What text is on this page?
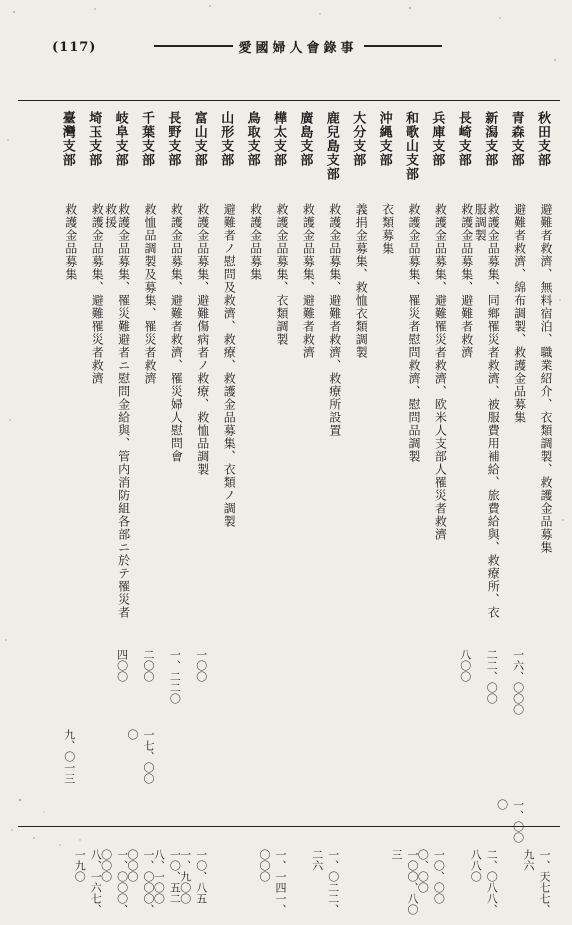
(117)	愛國婦人會錄事
秋田支部
避難者救濟、無料宿泊、職業紹介、衣類調製、救護金品募集
一、天七七、九六
青森支部
避難者救濟、綿布調製、救護金品募集
一六、〇〇〇
一、〇〇〇
新潟支部
救護金品募集、同鄉罹災者救濟、被服費用補給、旅費給與、救療所、衣服調製
二二、〇〇
二、〇八八、八八〇
長崎支部
救護金品募集、避難者救濟
八〇〇
兵庫支部
救護金品募集、避難罹災者救濟、欧米人支部人罹災者救濟
一〇、〇〇〇、〇〇
和歌山支部
救護金品募集、罹災者慰問救濟、慰問品調製
一〇〇、八〇三
沖縄支部
衣類募集
大分支部
義捐金募集、救恤衣類調製
鹿兒島支部
救護金品募集、避難者救濟、救療所設置
一、〇二二、二六
廣島支部
救護金品募集、避難者救濟
樺太支部
救護金品募集、衣類調製
一、一四一、〇〇〇
鳥取支部
救護金品募集
山形支部
避難者ノ慰問及救濟、救療、救護金品募集、衣類ノ調製
富山支部
救護金品募集、避難傷病者ノ救療、救恤品調製
一〇〇
一〇、八五一、九〇〇
長野支部
救護金品募集、避難者救濟、罹災婦人慰問會
一、二二〇
一〇、五二八、一〇〇
千葉支部
救恤品調製及募集、罹災者救濟
二〇〇
一七、〇〇〇
一、〇〇〇、〇〇〇
岐阜支部
救護金品募集、罹災難避者ニ慰問金給與、管内消防組各部ニ於テ罹災者救援
四〇〇
一、〇〇〇、〇〇〇
埼玉支部
救護金品募集、避難罹災者救濟
八、一六七、一九〇
臺灣支部
救護金品募集
九、〇一三
